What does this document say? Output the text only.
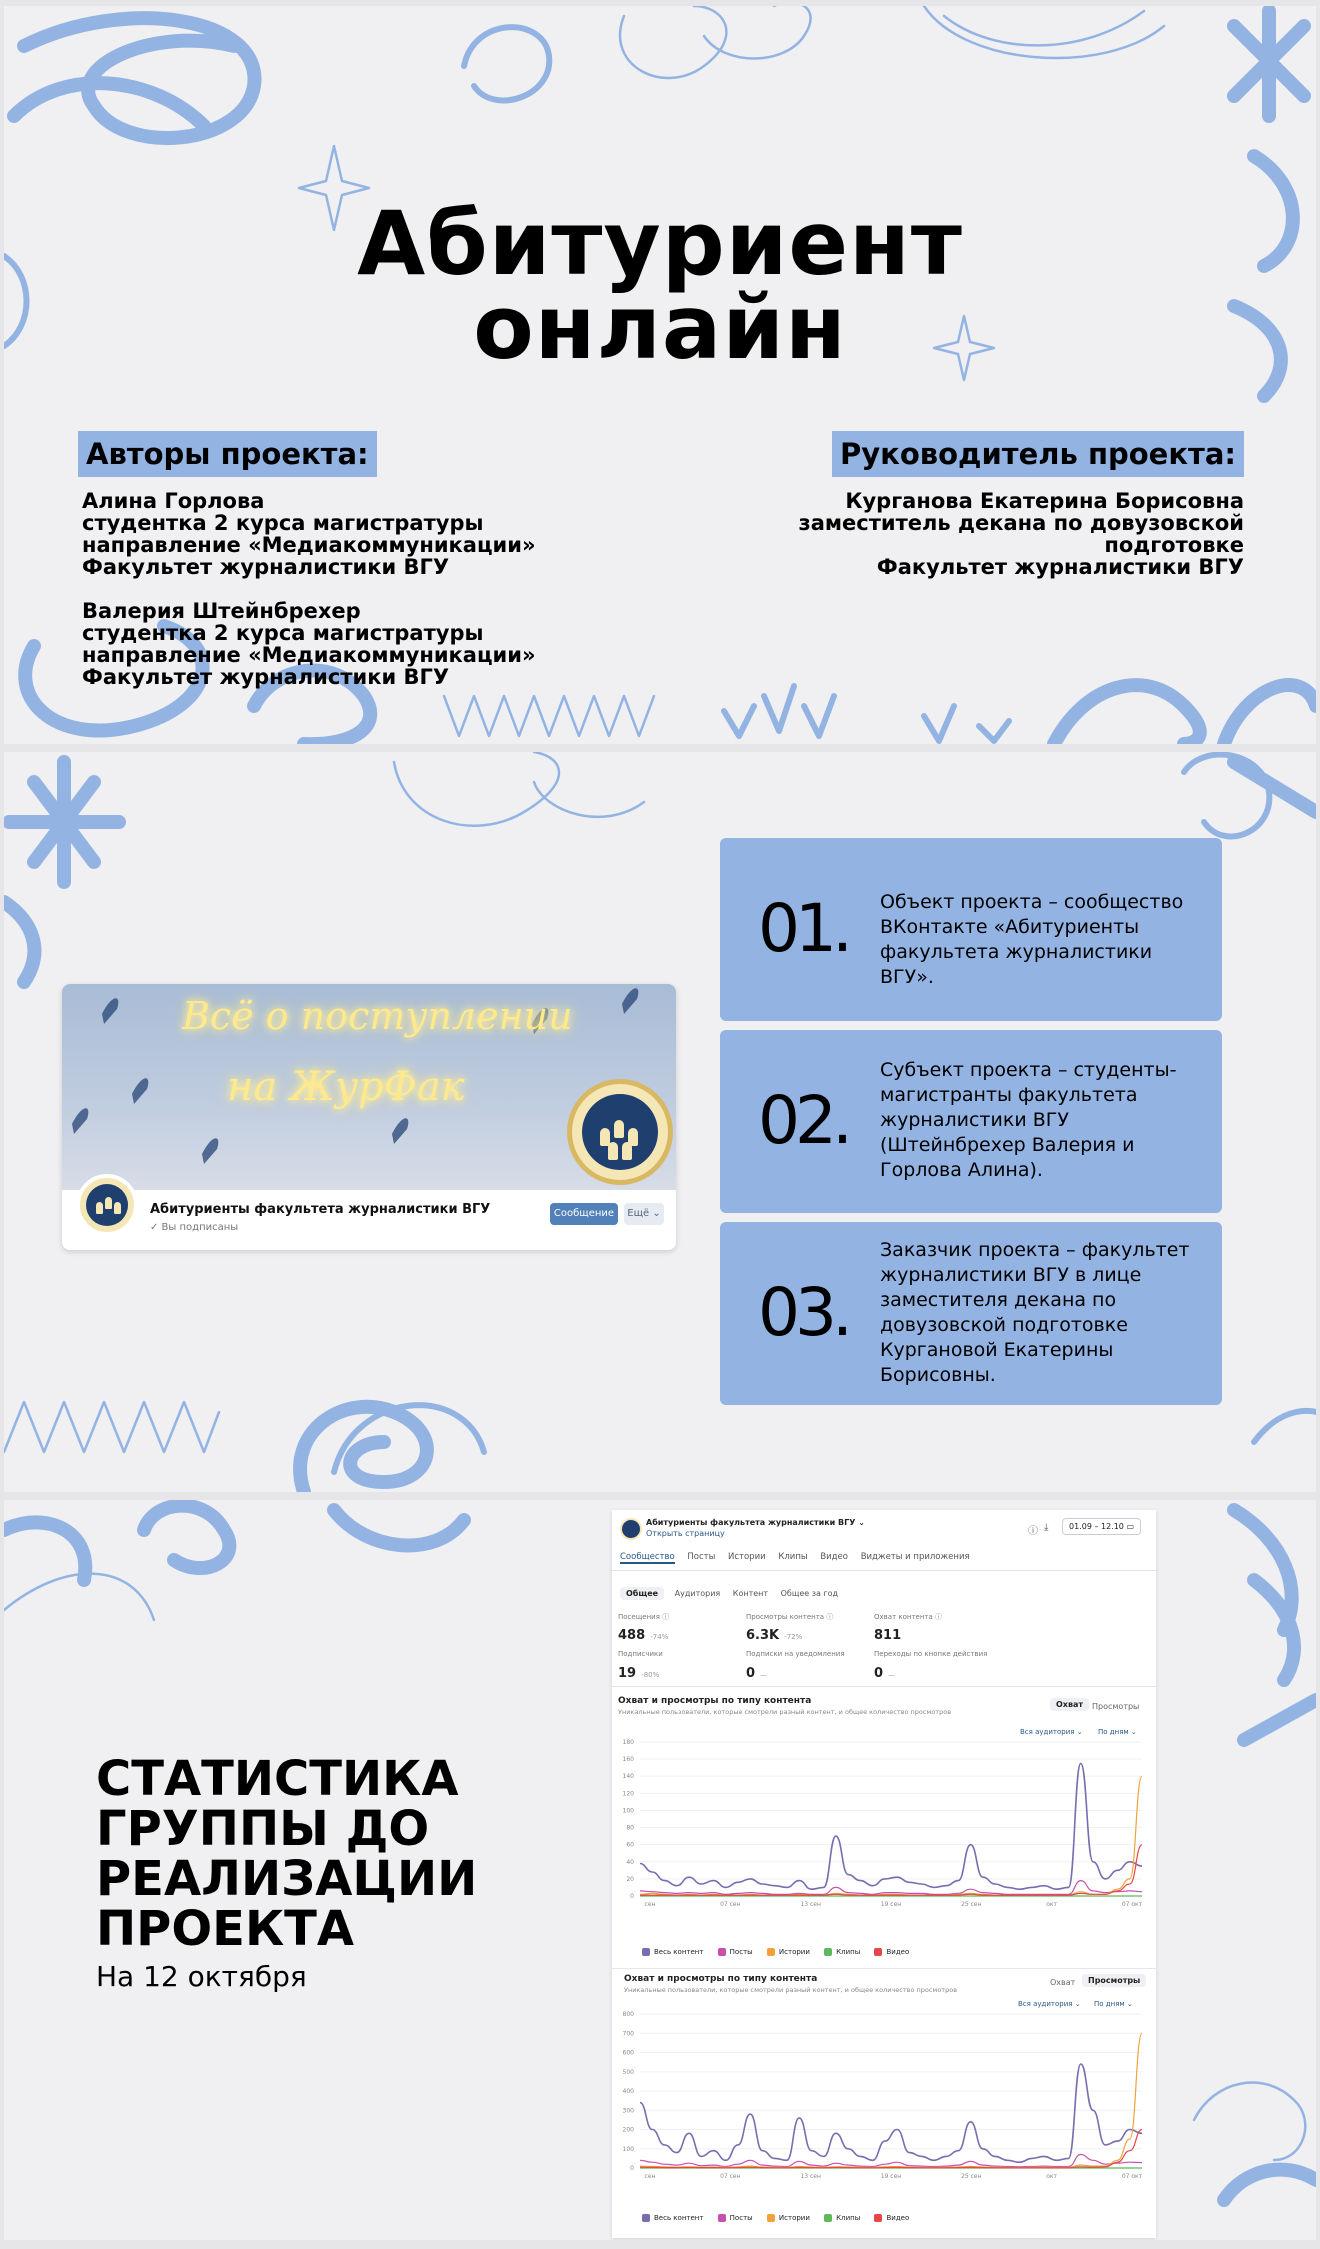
Абитуриент
онлайн
Авторы проекта:
Алина Горлова
студентка 2 курса магистратуры
направление «Медиакоммуникации»
Факультет журналистики ВГУ
Валерия Штейнбрехер
студентка 2 курса магистратуры
направление «Медиакоммуникации»
Факультет журналистики ВГУ
Руководитель проекта:
Курганова Екатерина Борисовна
заместитель декана по довузовской
подготовке
Факультет журналистики ВГУ
Всё о поступлении
на ЖурФак
Абитуриенты факультета журналистики ВГУ
✓ Вы подписаны
Сообщение	Ещё ⌄
01. Объект проекта – сообщество
ВКонтакте «Абитуриенты
факультета журналистики ВГУ».
02.
Субъект проекта – студенты-
магистранты факультета
журналистики ВГУ
(Штейнбрехер Валерия и
Горлова Алина).
03.
Заказчик проекта – факультет
журналистики ВГУ в лице
заместителя декана по
довузовской подготовке
Кургановой Екатерины
Борисовны.
СТАТИСТИКА
ГРУППЫ ДО
РЕАЛИЗАЦИИ
ПРОЕКТА
На 12 октября
Абитуриенты факультета журналистики ВГУ ⌄
Открыть страницу	ⓘ ⤓	01.09 – 12.10 ▭
Сообщество Посты Истории Клипы Видео Виджеты и приложения
Общее Аудитория Контент Общее за год
Посещения ⓘ
488 -74%
Просмотры контента ⓘ
6.3K -72%
Охват контента ⓘ
811
Подписчики
19 -80%
Подписки на уведомления
0 —
Переходы по кнопке действия
0 —
Охват и просмотры по типу контента
Уникальные пользователи, которые смотрели разный контент, и общее количество просмотров
Охват	Просмотры
Вся аудитория ⌄ По дням ⌄
0
20
40
60
80
100
120
140
160
180
сен	07 сен	13 сен	19 сен	25 сен	окт	07 окт
Весь контент	Посты	Истории	Клипы	Видео
Охват и просмотры по типу контента
Уникальные пользователи, которые смотрели разный контент, и общее количество просмотров
Охват	Просмотры
Вся аудитория ⌄ По дням ⌄
0
100
200
300
400
500
600
700
800
сен	07 сен	13 сен	19 сен	25 сен	окт	07 окт
Весь контент	Посты	Истории	Клипы	Видео
